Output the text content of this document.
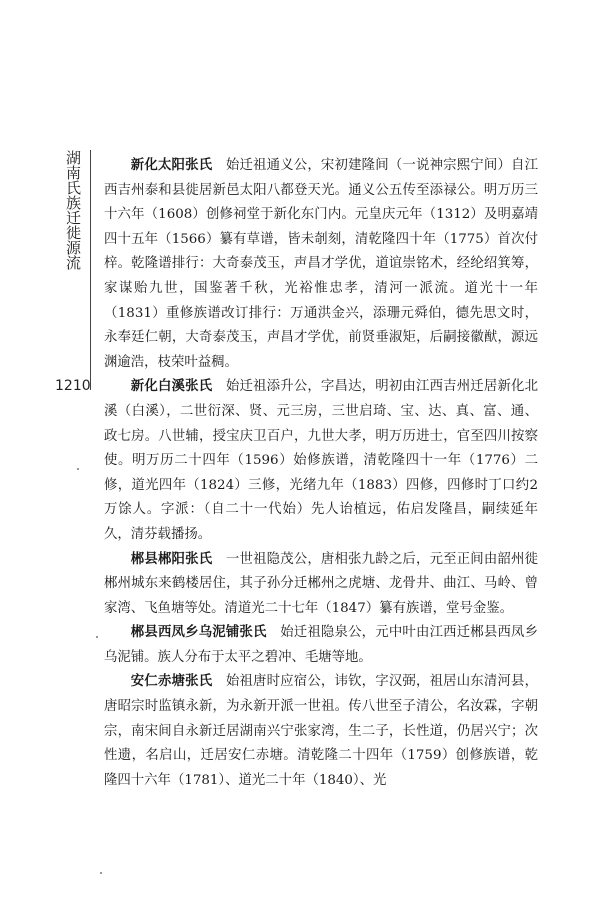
湖南氏族迁徙源流
1210

新化太阳张氏　 始迁祖通义公，宋初建隆间（一说神宗熙宁间）自江西吉州泰和县徙居新邑太阳八都登天光。通义公五传至添禄公。明万历三十六年（1608）创修祠堂于新化东门内。元皇庆元年（1312）及明嘉靖四十五年（1566）纂有草谱，皆未剞刻，清乾隆四十年（1775）首次付梓。乾隆谱排行：大奇泰茂玉，声昌才学优，道谊崇铭术，经纶绍箕筹，家谋贻九世，国鉴著千秋，光裕惟忠孝，清河一派流。道光十一年（1831）重修族谱改订排行：万通洪金兴，添珊元舜伯，德先思文时，永奉廷仁朝，大奇泰茂玉，声昌才学优，前贤垂淑矩，后嗣接徽猷，源远渊逾浩，枝荣叶益稠。

新化白溪张氏　 始迁祖添升公，字昌达，明初由江西吉州迁居新化北溪（白溪），二世衍深、贤、元三房，三世启琦、宝、达、真、富、通、政七房。八世辅，授宝庆卫百户，九世大孝，明万历进士，官至四川按察使。明万历二十四年（1596）始修族谱，清乾隆四十一年（1776）二修，道光四年（1824）三修，光绪九年（1883）四修，四修时丁口约2万馀人。字派：（自二十一代始）先人诒植远，佑启发隆昌，嗣续延年久，清芬载播扬。

郴县郴阳张氏　 一世祖隐茂公，唐相张九龄之后，元至正间由韶州徙郴州城东来鹤楼居住，其子孙分迁郴州之虎塘、龙骨井、曲江、马岭、曾家湾、飞鱼塘等处。清道光二十七年（1847）纂有族谱，堂号金鉴。

郴县西凤乡乌泥铺张氏　 始迁祖隐泉公，元中叶由江西迁郴县西凤乡乌泥铺。族人分布于太平之碧冲、毛塘等地。

安仁赤塘张氏　 始祖唐时应宿公，讳钦，字汉弼，祖居山东清河县，唐昭宗时监镇永新，为永新开派一世祖。传八世至子清公，名汝霖，字朝宗，南宋间自永新迁居湖南兴宁张家湾，生二子，长性道，仍居兴宁；次性遗，名启山，迁居安仁赤塘。清乾隆二十四年（1759）创修族谱，乾隆四十六年（1781）、道光二十年（1840）、光
